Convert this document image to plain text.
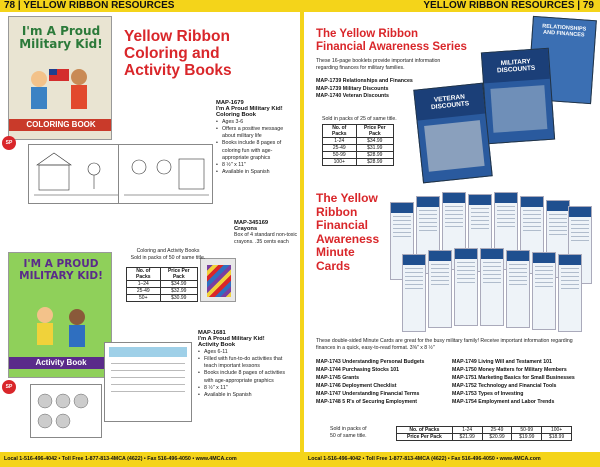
78 | YELLOW RIBBON RESOURCES	YELLOW RIBBON RESOURCES | 79
I'm A Proud Military Kid!
COLORING BOOK
Yellow Ribbon
Coloring and
Activity Books
SP
MAP-1679
I'm A Proud Military Kid!
Coloring Book
• Ages 3-6
• Offers a positive message about military life
• Books include 8 pages of coloring fun with age-appropriate graphics
• 8 ½" x 11"
• Available in Spanish
MAP-345169
Crayons
Box of 4 standard non-toxic crayons. .35 cents each
Coloring and Activity Books
Sold in packs of 50 of same title.
No. of Packs	Price Per Pack
1–24	$34.99
25-49	$32.99
50+	$30.99
I'M A PROUD MILITARY KID!
Activity Book
SP
MAP-1681
I'm A Proud Military Kid!
Activity Book
• Ages 6-11
• Filled with fun-to-do activities that teach important lessons
• Books include 8 pages of activities with age-appropriate graphics
• 8 ½" x 11"
• Available in Spanish
The Yellow Ribbon
Financial Awareness Series
These 16-page booklets provide important information regarding finances for military families.
MAP-1739 Relationships and Finances
MAP-1739 Military Discounts
MAP-1740 Veteran Discounts
Sold in packs of 25 of same title.
No. of Packs	Price Per Pack
1-24	$34.99
25-49	$31.99
50-99	$28.99
100+	$28.99
RELATIONSHIPS AND FINANCES
MILITARY DISCOUNTS
VETERAN DISCOUNTS
The Yellow
Ribbon
Financial
Awareness
Minute
Cards
These double-sided Minute Cards are great for the busy military family! Receive important information regarding finances in a quick, easy-to-read format. 3⅝" x 8 ½"
MAP-1743 Understanding Personal Budgets
MAP-1744 Purchasing Stocks 101
MAP-1745 Grants
MAP-1746 Deployment Checklist
MAP-1747 Understanding Financial Terms
MAP-1748 5 R's of Securing Employment
MAP-1749 Living Will and Testament 101
MAP-1750 Money Matters for Military Members
MAP-1751 Marketing Basics for Small Businesses
MAP-1752 Technology and Financial Tools
MAP-1753 Types of Investing
MAP-1754 Employment and Labor Trends
Sold in packs of
50 of same title.
No. of Packs	1-24	25-49	50-99	100+
Price Per Pack	$21.99	$20.99	$19.99	$18.99
Local 1-516-496-4042 • Toll Free 1-877-813-4MCA (4622) • Fax 516-496-4050 • www.4MCA.com	Local 1-516-496-4042 • Toll Free 1-877-813-4MCA (4622) • Fax 516-496-4050 • www.4MCA.com
